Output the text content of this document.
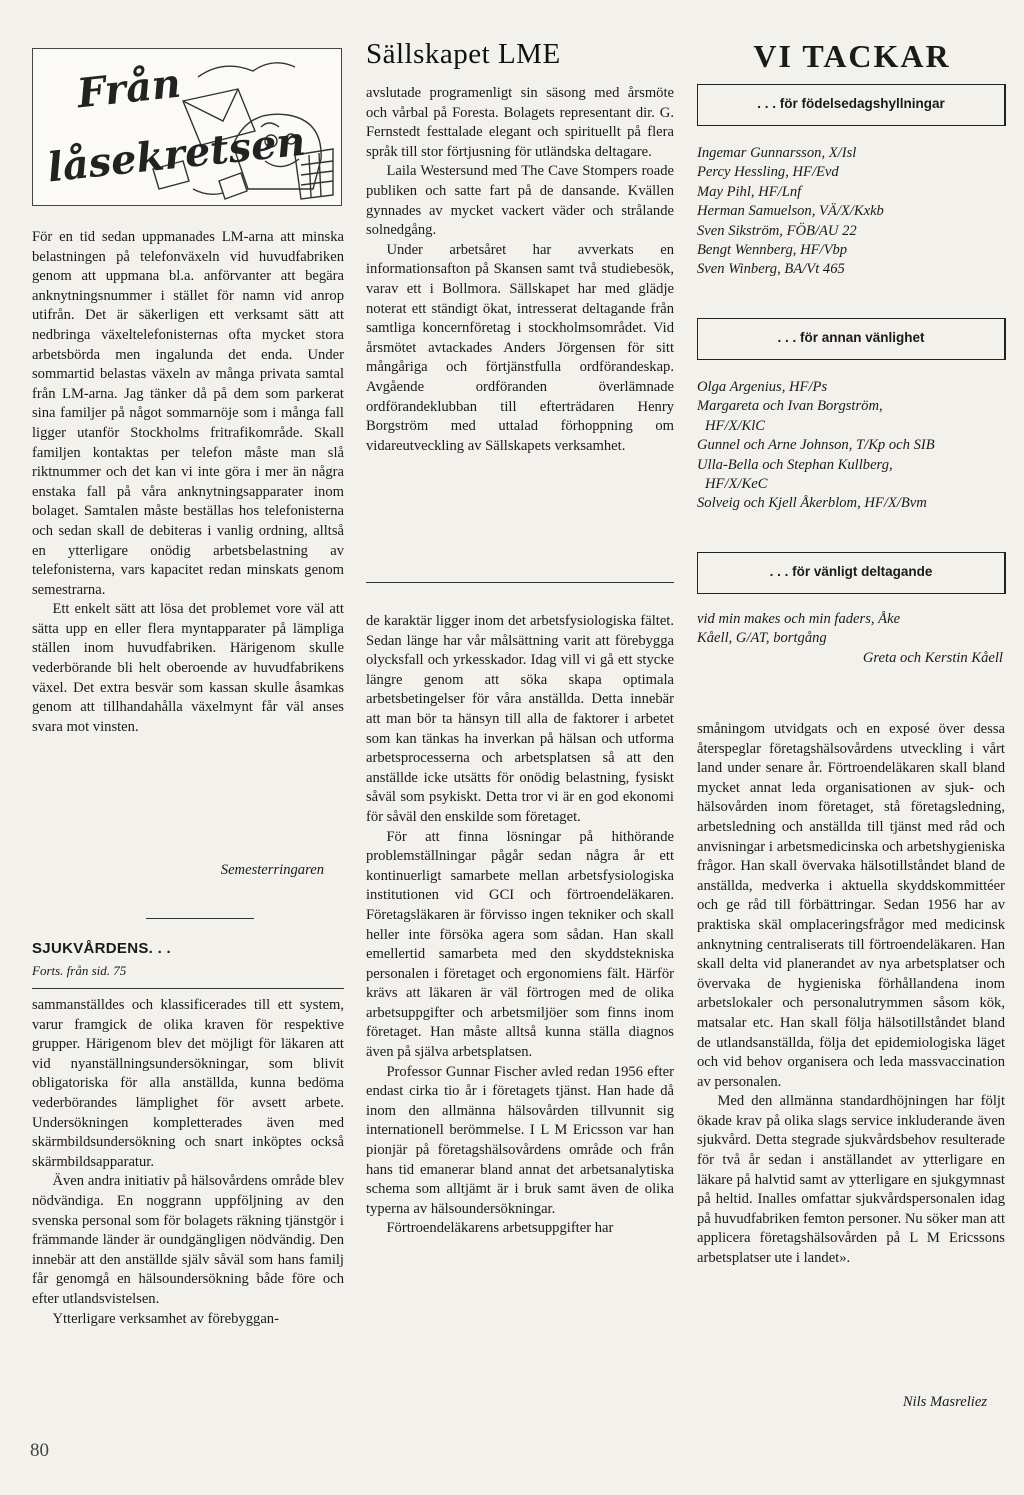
Från
låsekretsen

För en tid sedan uppmanades LM-arna att minska belastningen på telefonväxeln vid huvudfabriken genom att uppmana bl.a. anförvanter att begära anknytningsnummer i stället för namn vid anrop utifrån. Det är säkerligen ett verksamt sätt att nedbringa växeltelefonisternas ofta mycket stora arbetsbörda men ingalunda det enda. Under sommartid belastas växeln av många privata samtal från LM-arna. Jag tänker då på dem som parkerat sina familjer på något sommarnöje som i många fall ligger utanför Stockholms fritrafikområde. Skall familjen kontaktas per telefon måste man slå riktnummer och det kan vi inte göra i mer än några enstaka fall på våra anknytningsapparater inom bolaget. Samtalen måste beställas hos telefonisterna och sedan skall de debiteras i vanlig ordning, alltså en ytterligare onödig arbetsbelastning av telefonisterna, vars kapacitet redan minskats genom semestrarna.

Ett enkelt sätt att lösa det problemet vore väl att sätta upp en eller flera myntapparater på lämpliga ställen inom huvudfabriken. Härigenom skulle vederbörande bli helt oberoende av huvudfabrikens växel. Det extra besvär som kassan skulle åsamkas genom att tillhandahålla växelmynt får väl anses svara mot vinsten.

Semesterringaren
SJUKVÅRDENS. . .
Forts. från sid. 75

sammanställdes och klassificerades till ett system, varur framgick de olika kraven för respektive grupper. Härigenom blev det möjligt för läkaren att vid nyanställningsundersökningar, som blivit obligatoriska för alla anställda, kunna bedöma vederbörandes lämplighet för avsett arbete. Undersökningen kompletterades även med skärmbildsundersökning och snart inköptes också skärmbildsapparatur.

Även andra initiativ på hälsovårdens område blev nödvändiga. En noggrann uppföljning av den svenska personal som för bolagets räkning tjänstgör i främmande länder är oundgängligen nödvändig. Den innebär att den anställde själv såväl som hans familj får genomgå en hälsoundersökning både före och efter utlandsvistelsen.

Ytterligare verksamhet av förebyggan-

80
Sällskapet LME

avslutade programenligt sin säsong med årsmöte och vårbal på Foresta. Bolagets representant dir. G. Fernstedt festtalade elegant och spirituellt på flera språk till stor förtjusning för utländska deltagare.

Laila Westersund med The Cave Stompers roade publiken och satte fart på de dansande. Kvällen gynnades av mycket vackert väder och strålande solnedgång.

Under arbetsåret har avverkats en informationsafton på Skansen samt två studiebesök, varav ett i Bollmora. Sällskapet har med glädje noterat ett ständigt ökat, intresserat deltagande från samtliga koncernföretag i stockholmsområdet. Vid årsmötet avtackades Anders Jörgensen för sitt mångåriga och förtjänstfulla ordförandeskap. Avgående ordföranden överlämnade ordförandeklubban till efterträdaren Henry Borgström med uttalad förhoppning om vidareutveckling av Sällskapets verksamhet.

de karaktär ligger inom det arbetsfysiologiska fältet. Sedan länge har vår målsättning varit att förebygga olycksfall och yrkesskador. Idag vill vi gå ett stycke längre genom att söka skapa optimala arbetsbetingelser för våra anställda. Detta innebär att man bör ta hänsyn till alla de faktorer i arbetet som kan tänkas ha inverkan på hälsan och utforma arbetsprocesserna och arbetsplatsen så att den anställde icke utsätts för onödig belastning, fysiskt såväl som psykiskt. Detta tror vi är en god ekonomi för såväl den enskilde som företaget.

För att finna lösningar på hithörande problemställningar pågår sedan några år ett kontinuerligt samarbete mellan arbetsfysiologiska institutionen vid GCI och förtroendeläkaren. Företagsläkaren är förvisso ingen tekniker och skall heller inte försöka agera som sådan. Han skall emellertid samarbeta med den skyddstekniska personalen i företaget och ergonomiens fält. Härför krävs att läkaren är väl förtrogen med de olika arbetsuppgifter och arbetsmiljöer som finns inom företaget. Han måste alltså kunna ställa diagnos även på själva arbetsplatsen.

Professor Gunnar Fischer avled redan 1956 efter endast cirka tio år i företagets tjänst. Han hade då inom den allmänna hälsovården tillvunnit sig internationell berömmelse. I L M Ericsson var han pionjär på företagshälsovårdens område och från hans tid emanerar bland annat det arbetsanalytiska schema som alltjämt är i bruk samt även de olika typerna av hälsoundersökningar.

Förtroendeläkarens arbetsuppgifter har

VI TACKAR
. . . för födelsedagshyllningar
Ingemar Gunnarsson, X/Isl
Percy Hessling, HF/Evd
May Pihl, HF/Lnf
Herman Samuelson, VÄ/X/Kxkb
Sven Sikström, FÖB/AU 22
Bengt Wennberg, HF/Vbp
Sven Winberg, BA/Vt 465
. . . för annan vänlighet
Olga Argenius, HF/Ps
Margareta och Ivan Borgström,
HF/X/KlC
Gunnel och Arne Johnson, T/Kp och SIB
Ulla-Bella och Stephan Kullberg,
HF/X/KeC
Solveig och Kjell Åkerblom, HF/X/Bvm
. . . för vänligt deltagande
vid min makes och min faders, Åke
Kåell, G/AT, bortgång
Greta och Kerstin Kåell

småningom utvidgats och en exposé över dessa återspeglar företagshälsovårdens utveckling i vårt land under senare år. Förtroendeläkaren skall bland mycket annat leda organisationen av sjuk- och hälsovården inom företaget, stå företagsledning, arbetsledning och anställda till tjänst med råd och anvisningar i arbetsmedicinska och arbetshygieniska frågor. Han skall övervaka hälsotillståndet bland de anställda, medverka i aktuella skyddskommittéer och ge råd till förbättringar. Sedan 1956 har av praktiska skäl omplaceringsfrågor med medicinsk anknytning centraliserats till förtroendeläkaren. Han skall delta vid planerandet av nya arbetsplatser och övervaka de hygieniska förhållandena inom arbetslokaler och personalutrymmen såsom kök, matsalar etc. Han skall följa hälsotillståndet bland de utlandsanställda, följa det epidemiologiska läget och vid behov organisera och leda massvaccination av personalen.

Med den allmänna standardhöjningen har följt ökade krav på olika slags service inkluderande även sjukvård. Detta stegrade sjukvårdsbehov resulterade för två år sedan i anställandet av ytterligare en läkare på halvtid samt av ytterligare en sjukgymnast på heltid. Inalles omfattar sjukvårdspersonalen idag på huvudfabriken femton personer. Nu söker man att applicera företagshälsovården på L M Ericssons arbetsplatser ute i landet».

Nils Masreliez
